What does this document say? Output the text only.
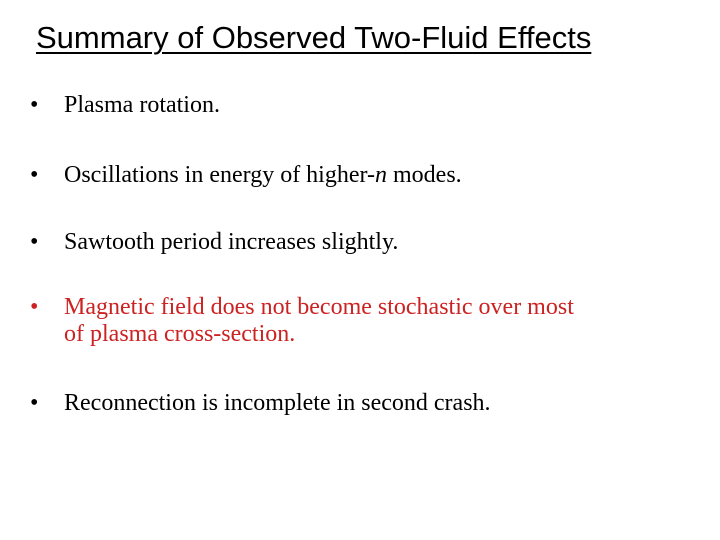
Summary of Observed Two-Fluid Effects
• Plasma rotation.
• Oscillations in energy of higher-n modes.
• Sawtooth period increases slightly.
• Magnetic field does not become stochastic over most
of plasma cross-section.
• Reconnection is incomplete in second crash.
